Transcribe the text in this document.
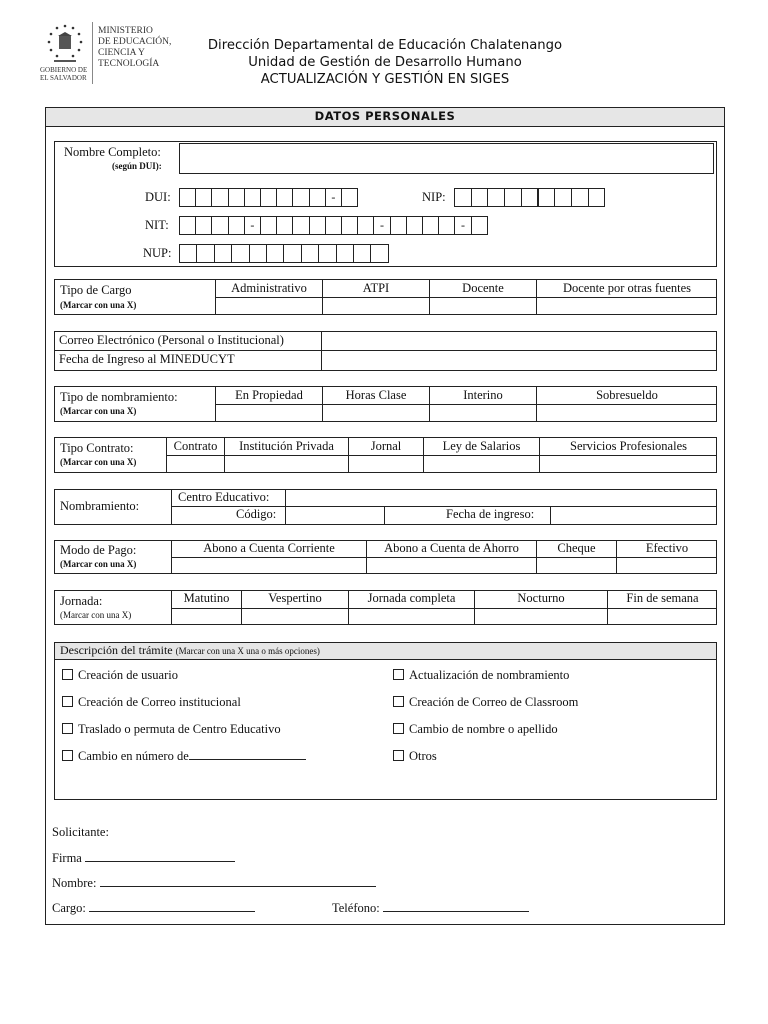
GOBIERNO DE
EL SALVADOR
MINISTERIO
DE EDUCACIÓN,
CIENCIA Y
TECNOLOGÍA
Dirección Departamental de Educación Chalatenango
Unidad de Gestión de Desarrollo Humano
ACTUALIZACIÓN Y GESTIÓN EN SIGES
DATOS PERSONALES
Nombre Completo:
(según DUI):
DUI:	-	NIP:
NIT:	-	-	-
NUP:
Tipo de Cargo
(Marcar con una X)
Administrativo	ATPI	Docente	Docente por otras fuentes
Correo Electrónico (Personal o Institucional)
Fecha de Ingreso al MINEDUCYT
Tipo de nombramiento:
(Marcar con una X)
En Propiedad	Horas Clase	Interino	Sobresueldo
Tipo Contrato:
(Marcar con una X)
Contrato	Institución Privada	Jornal	Ley de Salarios	Servicios Profesionales
Nombramiento:
Centro Educativo:
Código:	Fecha de ingreso:
Modo de Pago:
(Marcar con una X)
Abono a Cuenta Corriente	Abono a Cuenta de Ahorro	Cheque	Efectivo
Jornada:
(Marcar con una X)
Matutino	Vespertino	Jornada completa	Nocturno	Fin de semana
Descripción del trámite (Marcar con una X una o más opciones)
Creación de usuario
Creación de Correo institucional
Traslado o permuta de Centro Educativo
Cambio en número de
Actualización de nombramiento
Creación de Correo de Classroom
Cambio de nombre o apellido
Otros
Solicitante:
Firma
Nombre:
Cargo:	Teléfono:
